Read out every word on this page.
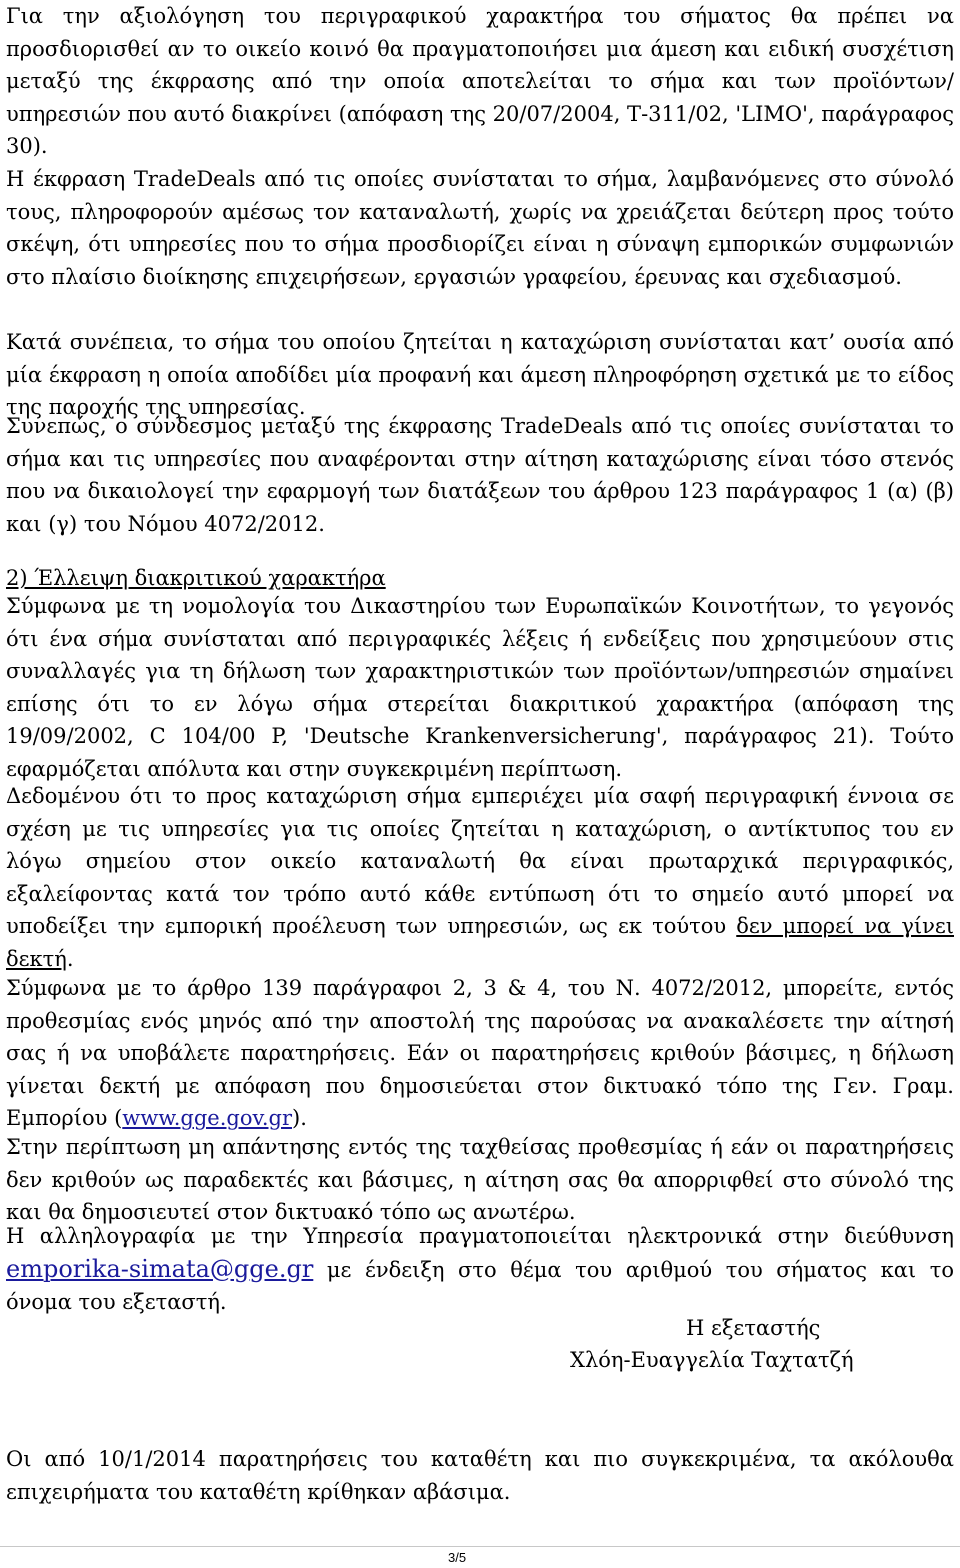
Για την αξιολόγηση του περιγραφικού χαρακτήρα του σήματος θα πρέπει να προσδιορισθεί αν το οικείο κοινό θα πραγματοποιήσει μια άμεση και ειδική συσχέτιση μεταξύ της έκφρασης από την οποία αποτελείται το σήμα και των προϊόντων/υπηρεσιών που αυτό διακρίνει (απόφαση της 20/07/2004, Τ-311/02, 'LIMO', παράγραφος 30).

Η έκφραση TradeDeals από τις οποίες συνίσταται το σήμα, λαμβανόμενες στο σύνολό τους, πληροφορούν αμέσως τον καταναλωτή, χωρίς να χρειάζεται δεύτερη προς τούτο σκέψη, ότι υπηρεσίες που το σήμα προσδιορίζει είναι η σύναψη εμπορικών συμφωνιών στο πλαίσιο διοίκησης επιχειρήσεων, εργασιών γραφείου, έρευνας και σχεδιασμού.

Κατά συνέπεια, το σήμα του οποίου ζητείται η καταχώριση συνίσταται κατ’ ουσία από μία έκφραση η οποία αποδίδει μία προφανή και άμεση πληροφόρηση σχετικά με το είδος της παροχής της υπηρεσίας.

Συνεπώς, ο σύνδεσμος μεταξύ της έκφρασης TradeDeals από τις οποίες συνίσταται το σήμα και τις υπηρεσίες που αναφέρονται στην αίτηση καταχώρισης είναι τόσο στενός που να δικαιολογεί την εφαρμογή των διατάξεων του άρθρου 123 παράγραφος 1 (α) (β) και (γ) του Νόμου 4072/2012.

2) Έλλειψη διακριτικού χαρακτήρα

Σύμφωνα με τη νομολογία του Δικαστηρίου των Ευρωπαϊκών Κοινοτήτων, το γεγονός ότι ένα σήμα συνίσταται από περιγραφικές λέξεις ή ενδείξεις που χρησιμεύουν στις συναλλαγές για τη δήλωση των χαρακτηριστικών των προϊόντων/υπηρεσιών σημαίνει επίσης ότι το εν λόγω σήμα στερείται διακριτικού χαρακτήρα (απόφαση της 19/09/2002, C 104/00 P, 'Deutsche Krankenversicherung', παράγραφος 21). Τούτο εφαρμόζεται απόλυτα και στην συγκεκριμένη περίπτωση.

Δεδομένου ότι το προς καταχώριση σήμα εμπεριέχει μία σαφή περιγραφική έννοια σε σχέση με τις υπηρεσίες για τις οποίες ζητείται η καταχώριση, ο αντίκτυπος του εν λόγω σημείου στον οικείο καταναλωτή θα είναι πρωταρχικά περιγραφικός, εξαλείφοντας κατά τον τρόπο αυτό κάθε εντύπωση ότι το σημείο αυτό μπορεί να υποδείξει την εμπορική προέλευση των υπηρεσιών, ως εκ τούτου δεν μπορεί να γίνει δεκτή.

Σύμφωνα με το άρθρο 139 παράγραφοι 2, 3 & 4, του Ν. 4072/2012, μπορείτε, εντός προθεσμίας ενός μηνός από την αποστολή της παρούσας να ανακαλέσετε την αίτησή σας ή να υποβάλετε παρατηρήσεις. Εάν οι παρατηρήσεις κριθούν βάσιμες, η δήλωση γίνεται δεκτή με απόφαση που δημοσιεύεται στον δικτυακό τόπο της Γεν. Γραμ. Εμπορίου (www.gge.gov.gr).

Στην περίπτωση μη απάντησης εντός της ταχθείσας προθεσμίας ή εάν οι παρατηρήσεις δεν κριθούν ως παραδεκτές και βάσιμες, η αίτηση σας θα απορριφθεί στο σύνολό της και θα δημοσιευτεί στον δικτυακό τόπο ως ανωτέρω.

Η αλληλογραφία με την Υπηρεσία πραγματοποιείται ηλεκτρονικά στην διεύθυνση emporika-simata@gge.gr με ένδειξη στο θέμα του αριθμού του σήματος και το όνομα του εξεταστή.

Η εξεταστής
Χλόη-Ευαγγελία Ταχτατζή

Οι από 10/1/2014 παρατηρήσεις του καταθέτη και πιο συγκεκριμένα, τα ακόλουθα επιχειρήματα του καταθέτη κρίθηκαν αβάσιμα.

3/5
